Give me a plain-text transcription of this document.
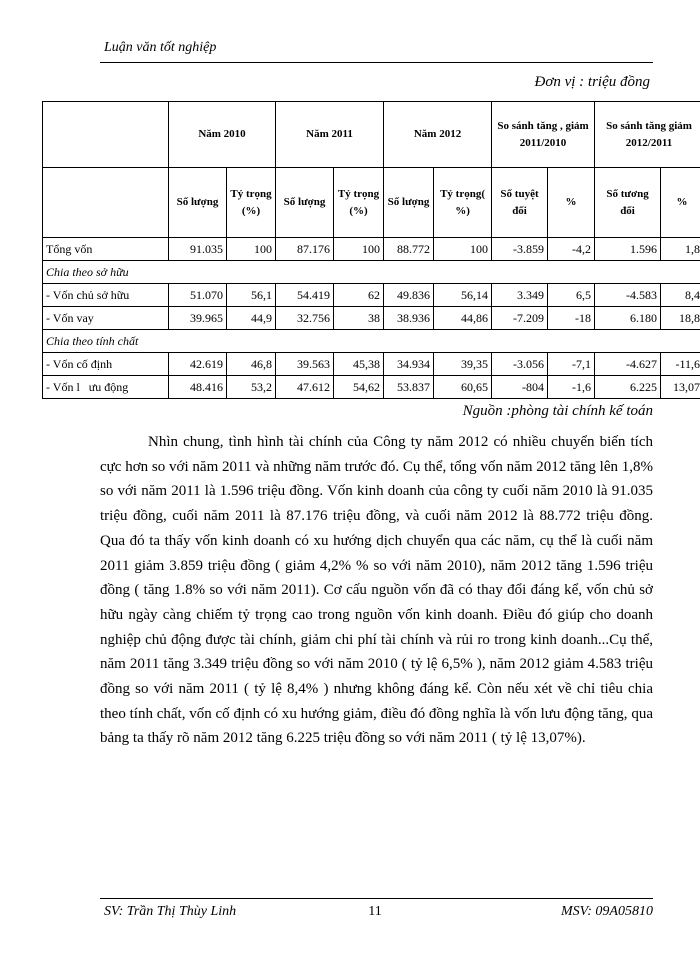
Luận văn tốt nghiệp
Đơn vị : triệu đồng
	Năm 2010		Năm 2011		Năm 2012		So sánh tăng , giảm 2011/2010		So sánh tăng giảm 2012/2011	
	Số lượng	Tỷ trọng (%)	Số lượng	Tỷ trọng (%)	Số lượng	Tỷ trọng( %)	Số tuyệt đối	%	Số tương đối	%
Tổng vốn	91.035	100	87.176	100	88.772	100	-3.859	-4,2	1.596	1,8
Chia theo sở hữu										
- Vốn chủ sở hữu	51.070	56,1	54.419	62	49.836	56,14	3.349	6,5	-4.583	8,4
- Vốn vay	39.965	44,9	32.756	38	38.936	44,86	-7.209	-18	6.180	18,8
Chia theo tính chất										
- Vốn cố định	42.619	46,8	39.563	45,38	34.934	39,35	-3.056	-7,1	-4.627	-11,6
- Vốn l   ưu động	48.416	53,2	47.612	54,62	53.837	60,65	-804	-1,6	6.225	13,07
Nguồn :phòng tài chính kế toán

Nhìn chung, tình hình tài chính của Công ty năm 2012 có nhiều chuyển biến tích cực hơn so với năm 2011 và những năm trước đó. Cụ thể, tổng vốn năm 2012 tăng lên 1,8% so với năm 2011 là 1.596 triệu đồng. Vốn kinh doanh của công ty cuối năm 2010 là 91.035 triệu đồng, cuối năm 2011 là 87.176 triệu đồng, và cuối năm 2012 là 88.772 triệu đồng. Qua đó ta thấy vốn kinh doanh có xu hướng dịch chuyển qua các năm, cụ thể là cuối năm 2011 giảm 3.859 triệu đồng ( giảm 4,2% % so với năm 2010), năm 2012 tăng 1.596 triệu đồng ( tăng 1.8% so với năm 2011). Cơ cấu nguồn vốn đã có thay đổi đáng kể, vốn chủ sở hữu ngày càng chiếm tỷ trọng cao trong nguồn vốn kinh doanh. Điều đó giúp cho doanh nghiệp chủ động được tài chính, giảm chi phí tài chính và rủi ro trong kinh doanh...Cụ thể, năm 2011 tăng 3.349 triệu đồng so với năm 2010 ( tỷ lệ 6,5% ), năm 2012 giảm 4.583 triệu đồng so với năm 2011 ( tỷ lệ 8,4% ) nhưng không đáng kể. Còn nếu xét về chỉ tiêu chia theo tính chất, vốn cố định có xu hướng giảm, điều đó đồng nghĩa là vốn lưu động tăng, qua bảng ta thấy rõ năm 2012 tăng 6.225 triệu đồng so với năm 2011 ( tỷ lệ 13,07%).

SV: Trần Thị Thùy Linh	11	MSV: 09A05810
